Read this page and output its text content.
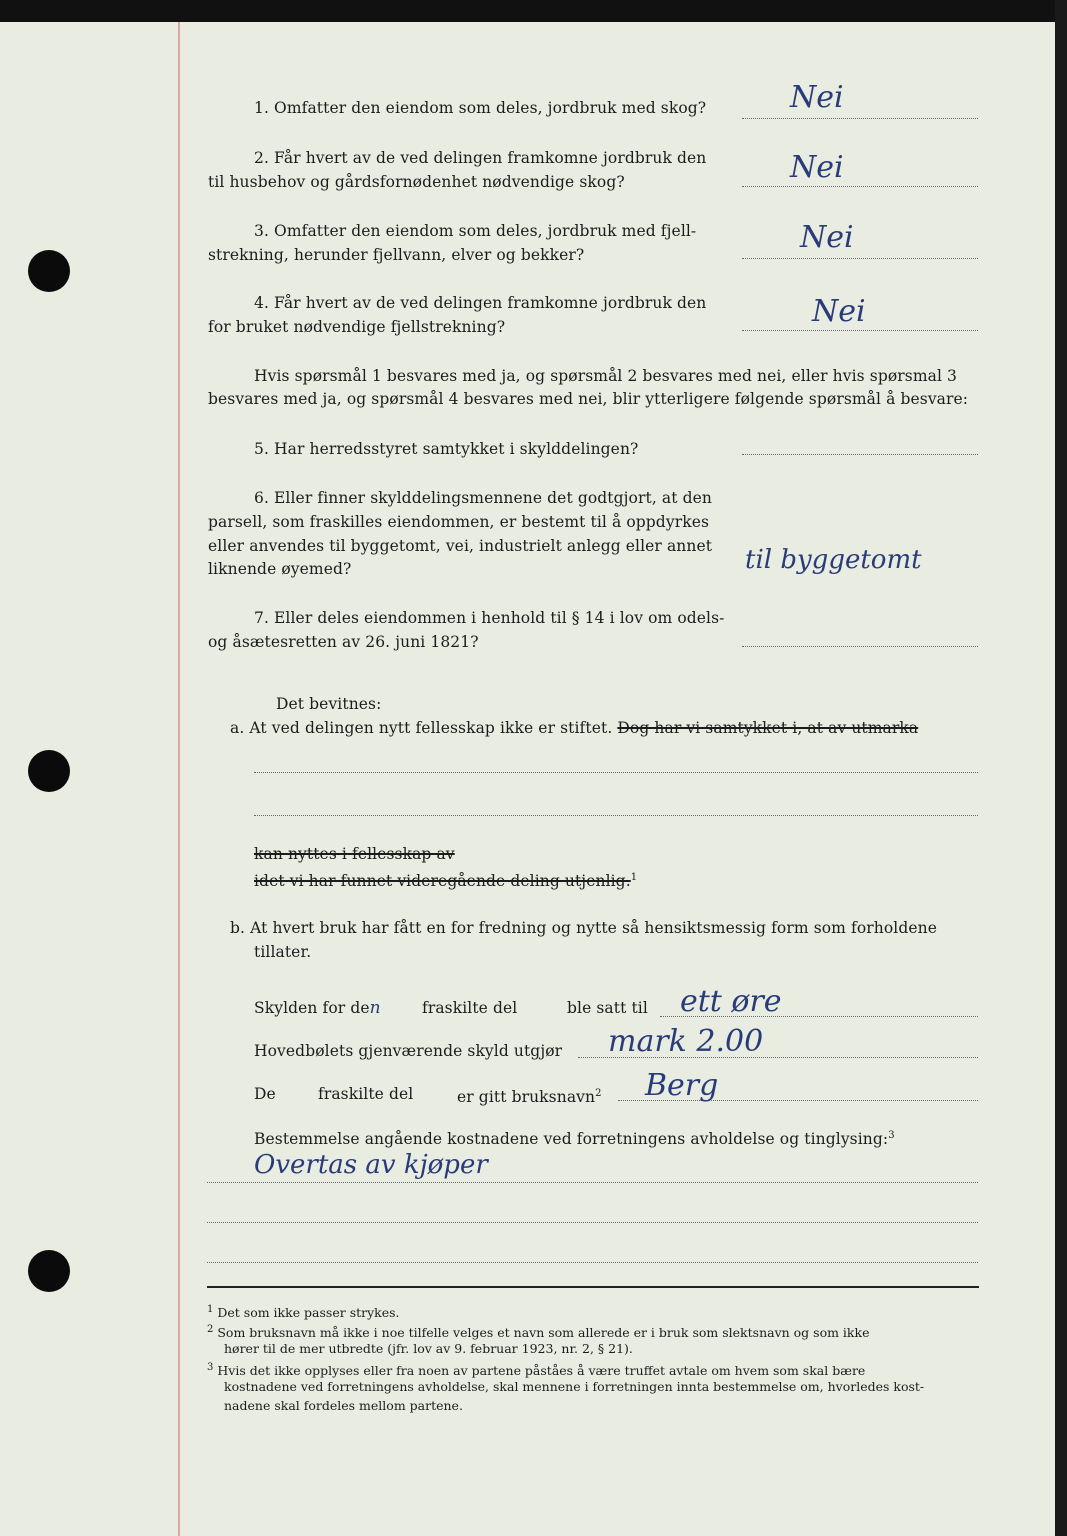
1. Omfatter den eiendom som deles, jordbruk med skog?	Nei
2. Får hvert av de ved delingen framkomne jordbruk den
til husbehov og gårdsfornødenhet nødvendige skog?	Nei
3. Omfatter den eiendom som deles, jordbruk med fjell-
strekning, herunder fjellvann, elver og bekker?	Nei
4. Får hvert av de ved delingen framkomne jordbruk den
for bruket nødvendige fjellstrekning?	Nei
Hvis spørsmål 1 besvares med ja, og spørsmål 2 besvares med nei, eller hvis spørsmal 3
besvares med ja, og spørsmål 4 besvares med nei, blir ytterligere følgende spørsmål å besvare:
5. Har herredsstyret samtykket i skylddelingen?
6. Eller finner skylddelingsmennene det godtgjort, at den
parsell, som fraskilles eiendommen, er bestemt til å oppdyrkes
eller anvendes til byggetomt, vei, industrielt anlegg eller annet
liknende øyemed?	til byggetomt
7. Eller deles eiendommen i henhold til § 14 i lov om odels-
og åsætesretten av 26. juni 1821?
Det bevitnes:
a. At ved delingen nytt fellesskap ikke er stiftet. Dog har vi samtykket i, at av utmarka
kan nyttes i fellesskap av
idet vi har funnet videregående deling utjenlig.$^1$
b. At hvert bruk har fått en for fredning og nytte så hensiktsmessig form som forholdene
tillater.
Skylden for den	fraskilte del	ble satt til ett øre
Hovedbølets gjenværende skyld utgjør mark 2.00
De	fraskilte del	er gitt bruksnavn$^2$ Berg
Bestemmelse angående kostnadene ved forretningens avholdelse og tinglysing:$^3$
Overtas av kjøper
$^1$ Det som ikke passer strykes.
$^2$ Som bruksnavn må ikke i noe tilfelle velges et navn som allerede er i bruk som slektsnavn og som ikke
hører til de mer utbredte (jfr. lov av 9. februar 1923, nr. 2, § 21).
$^3$ Hvis det ikke opplyses eller fra noen av partene påståes å være truffet avtale om hvem som skal bære
kostnadene ved forretningens avholdelse, skal mennene i forretningen innta bestemmelse om, hvorledes kost-
nadene skal fordeles mellom partene.
